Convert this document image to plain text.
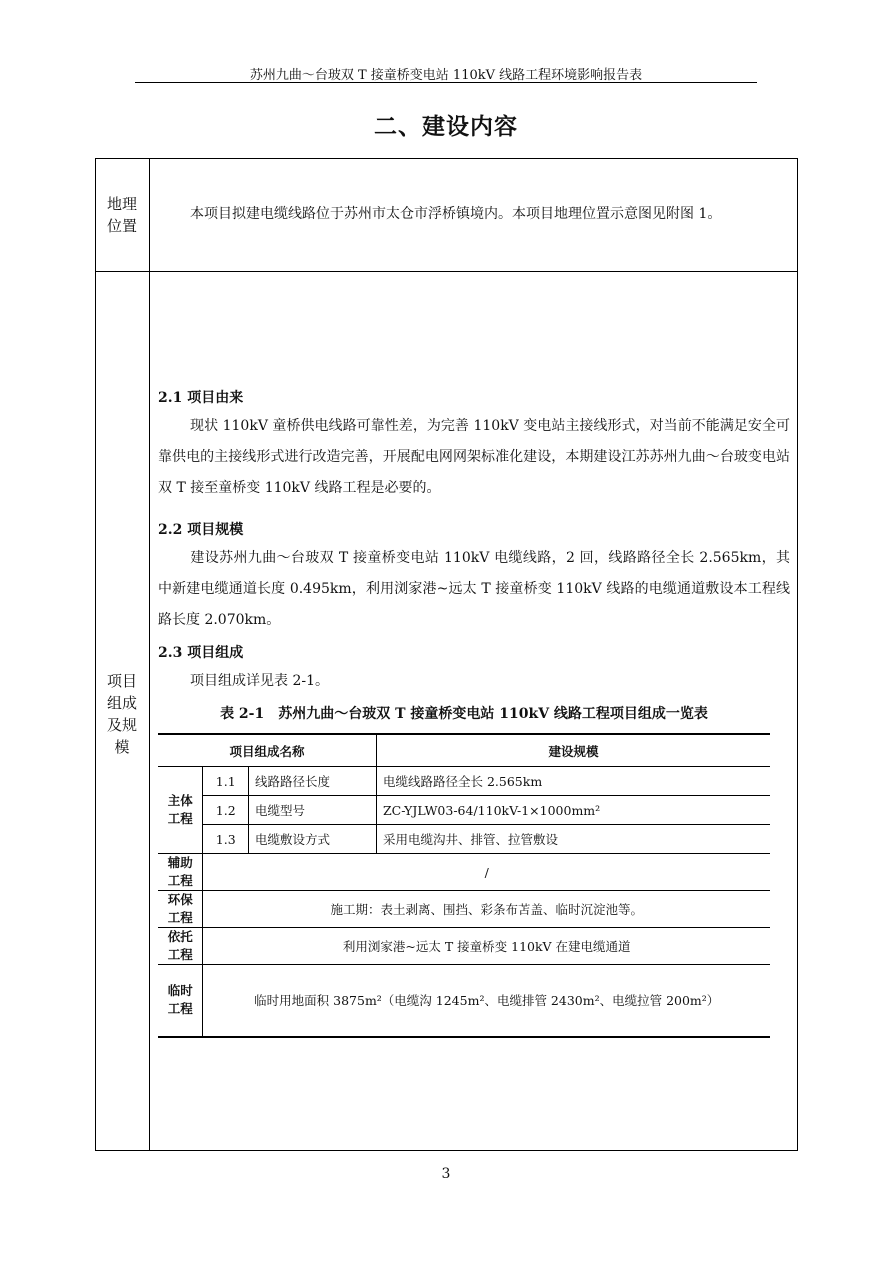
苏州九曲～台玻双 T 接童桥变电站 110kV 线路工程环境影响报告表
二、建设内容
地理
位置
本项目拟建电缆线路位于苏州市太仓市浮桥镇境内。本项目地理位置示意图见附图 1。
项目
组成
及规
模
2.1 项目由来
现状 110kV 童桥供电线路可靠性差，为完善 110kV 变电站主接线形式，对当前不能满足安全可靠供电的主接线形式进行改造完善，开展配电网网架标准化建设，本期建设江苏苏州九曲～台玻变电站双 T 接至童桥变 110kV 线路工程是必要的。
2.2 项目规模
建设苏州九曲～台玻双 T 接童桥变电站 110kV 电缆线路，2 回，线路路径全长 2.565km，其中新建电缆通道长度 0.495km，利用浏家港~远太 T 接童桥变 110kV 线路的电缆通道敷设本工程线路长度 2.070km。
2.3 项目组成
项目组成详见表 2-1。
表 2-1　苏州九曲～台玻双 T 接童桥变电站 110kV 线路工程项目组成一览表
项目组成名称			建设规模

主体
工程	1.1	线路路径长度	电缆线路路径全长 2.565km
	1.2	电缆型号	ZC-YJLW03-64/110kV-1×1000mm²
	1.3	电缆敷设方式	采用电缆沟井、排管、拉管敷设

辅助
工程	/		

环保
工程	施工期：表土剥离、围挡、彩条布苫盖、临时沉淀池等。		

依托
工程	利用浏家港~远太 T 接童桥变 110kV 在建电缆通道		

临时
工程	临时用地面积 3875m²（电缆沟 1245m²、电缆排管 2430m²、电缆拉管 200m²）		
3
